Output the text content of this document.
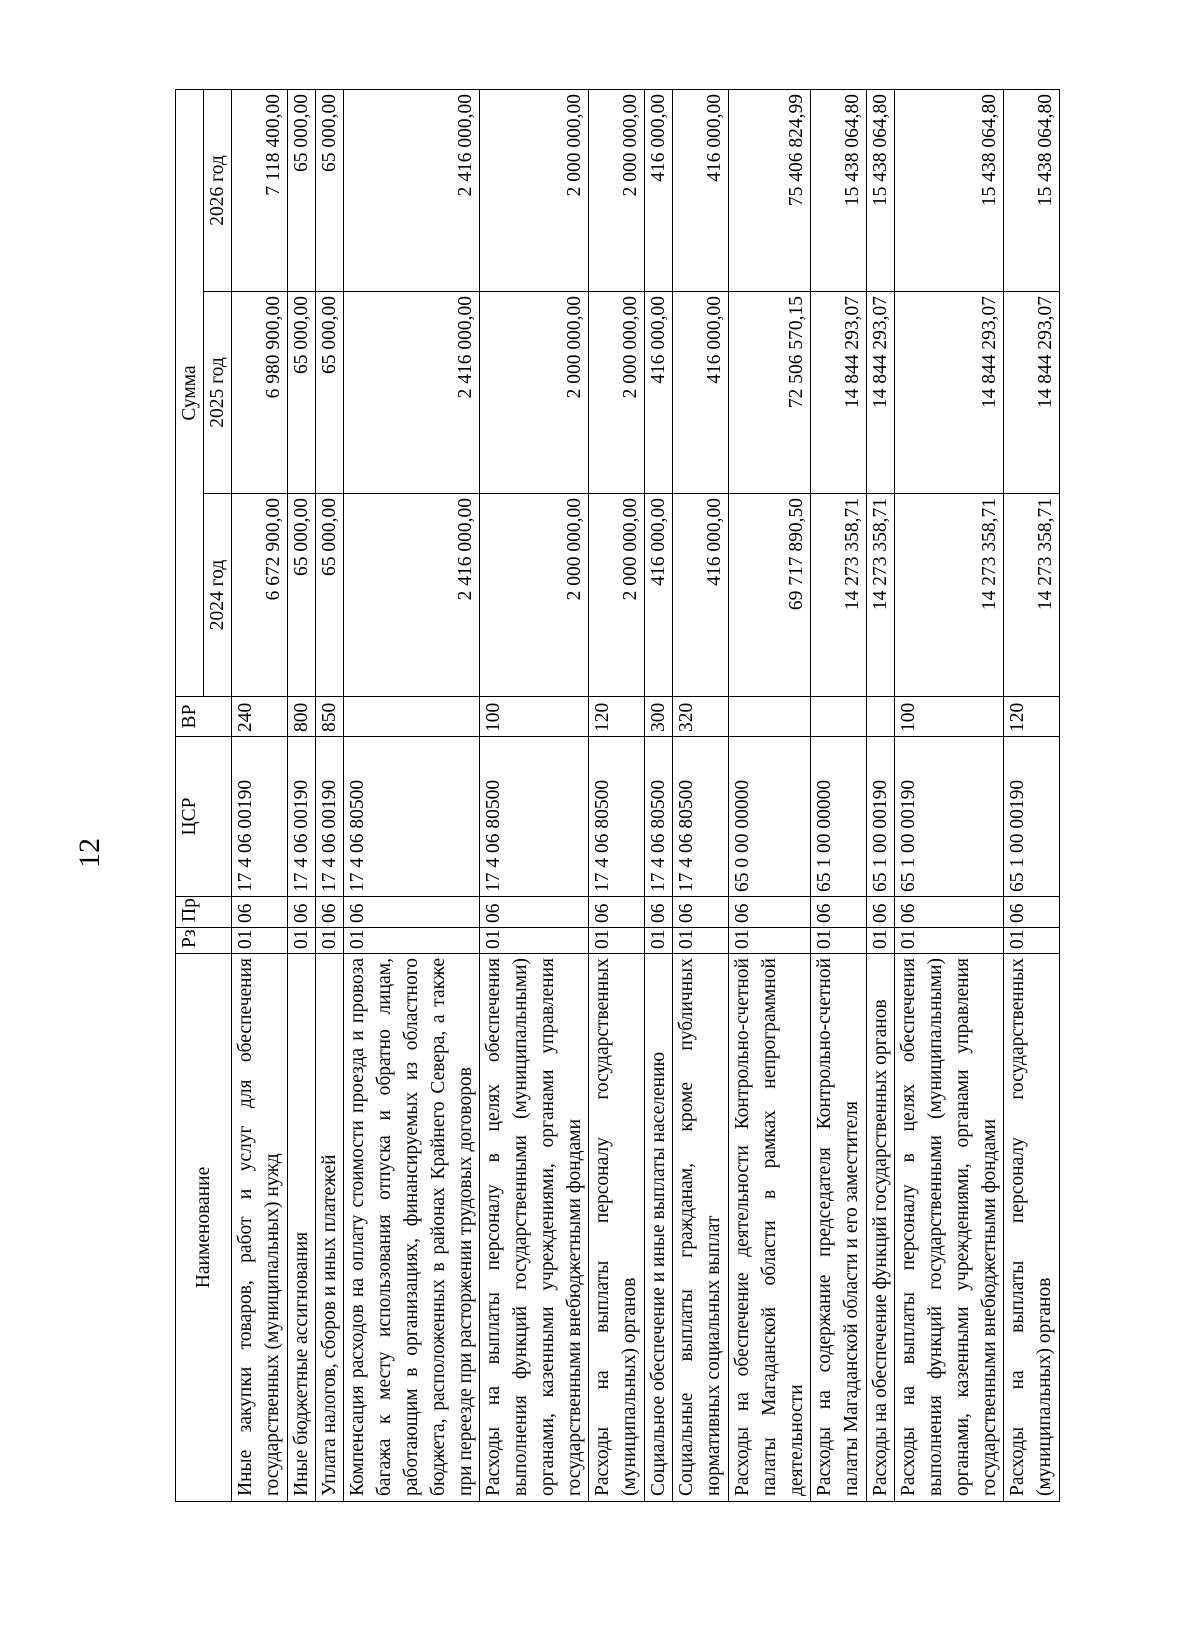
12
Наименование	Рз	Пр	ЦСР	ВР	Сумма		
					2024 год	2025 год	2026 год
Иные закупки товаров, работ и услуг для обеспечения государственных (муниципальных) нужд	01	06	17 4 06 00190	240	6 672 900,00	6 980 900,00	7 118 400,00
Иные бюджетные ассигнования	01	06	17 4 06 00190	800	65 000,00	65 000,00	65 000,00
Уплата налогов, сборов и иных платежей	01	06	17 4 06 00190	850	65 000,00	65 000,00	65 000,00
Компенсация расходов на оплату стоимости проезда и провоза багажа к месту использования отпуска и обратно лицам, работающим в организациях, финансируемых из областного бюджета, расположенных в районах Крайнего Севера, а также при переезде при расторжении трудовых договоров	01	06	17 4 06 80500		2 416 000,00	2 416 000,00	2 416 000,00
Расходы на выплаты персоналу в целях обеспечения выполнения функций государственными (муниципальными) органами, казенными учреждениями, органами управления государственными внебюджетными фондами	01	06	17 4 06 80500	100	2 000 000,00	2 000 000,00	2 000 000,00
Расходы на выплаты персоналу государственных (муниципальных) органов	01	06	17 4 06 80500	120	2 000 000,00	2 000 000,00	2 000 000,00
Социальное обеспечение и иные выплаты населению	01	06	17 4 06 80500	300	416 000,00	416 000,00	416 000,00
Социальные выплаты гражданам, кроме публичных нормативных социальных выплат	01	06	17 4 06 80500	320	416 000,00	416 000,00	416 000,00
Расходы на обеспечение деятельности Контрольно-счетной палаты Магаданской области в рамках непрограммной деятельности	01	06	65 0 00 00000		69 717 890,50	72 506 570,15	75 406 824,99
Расходы на содержание председателя Контрольно-счетной палаты Магаданской области и его заместителя	01	06	65 1 00 00000		14 273 358,71	14 844 293,07	15 438 064,80
Расходы на обеспечение функций государственных органов	01	06	65 1 00 00190		14 273 358,71	14 844 293,07	15 438 064,80
Расходы на выплаты персоналу в целях обеспечения выполнения функций государственными (муниципальными) органами, казенными учреждениями, органами управления государственными внебюджетными фондами	01	06	65 1 00 00190	100	14 273 358,71	14 844 293,07	15 438 064,80
Расходы на выплаты персоналу государственных (муниципальных) органов	01	06	65 1 00 00190	120	14 273 358,71	14 844 293,07	15 438 064,80
